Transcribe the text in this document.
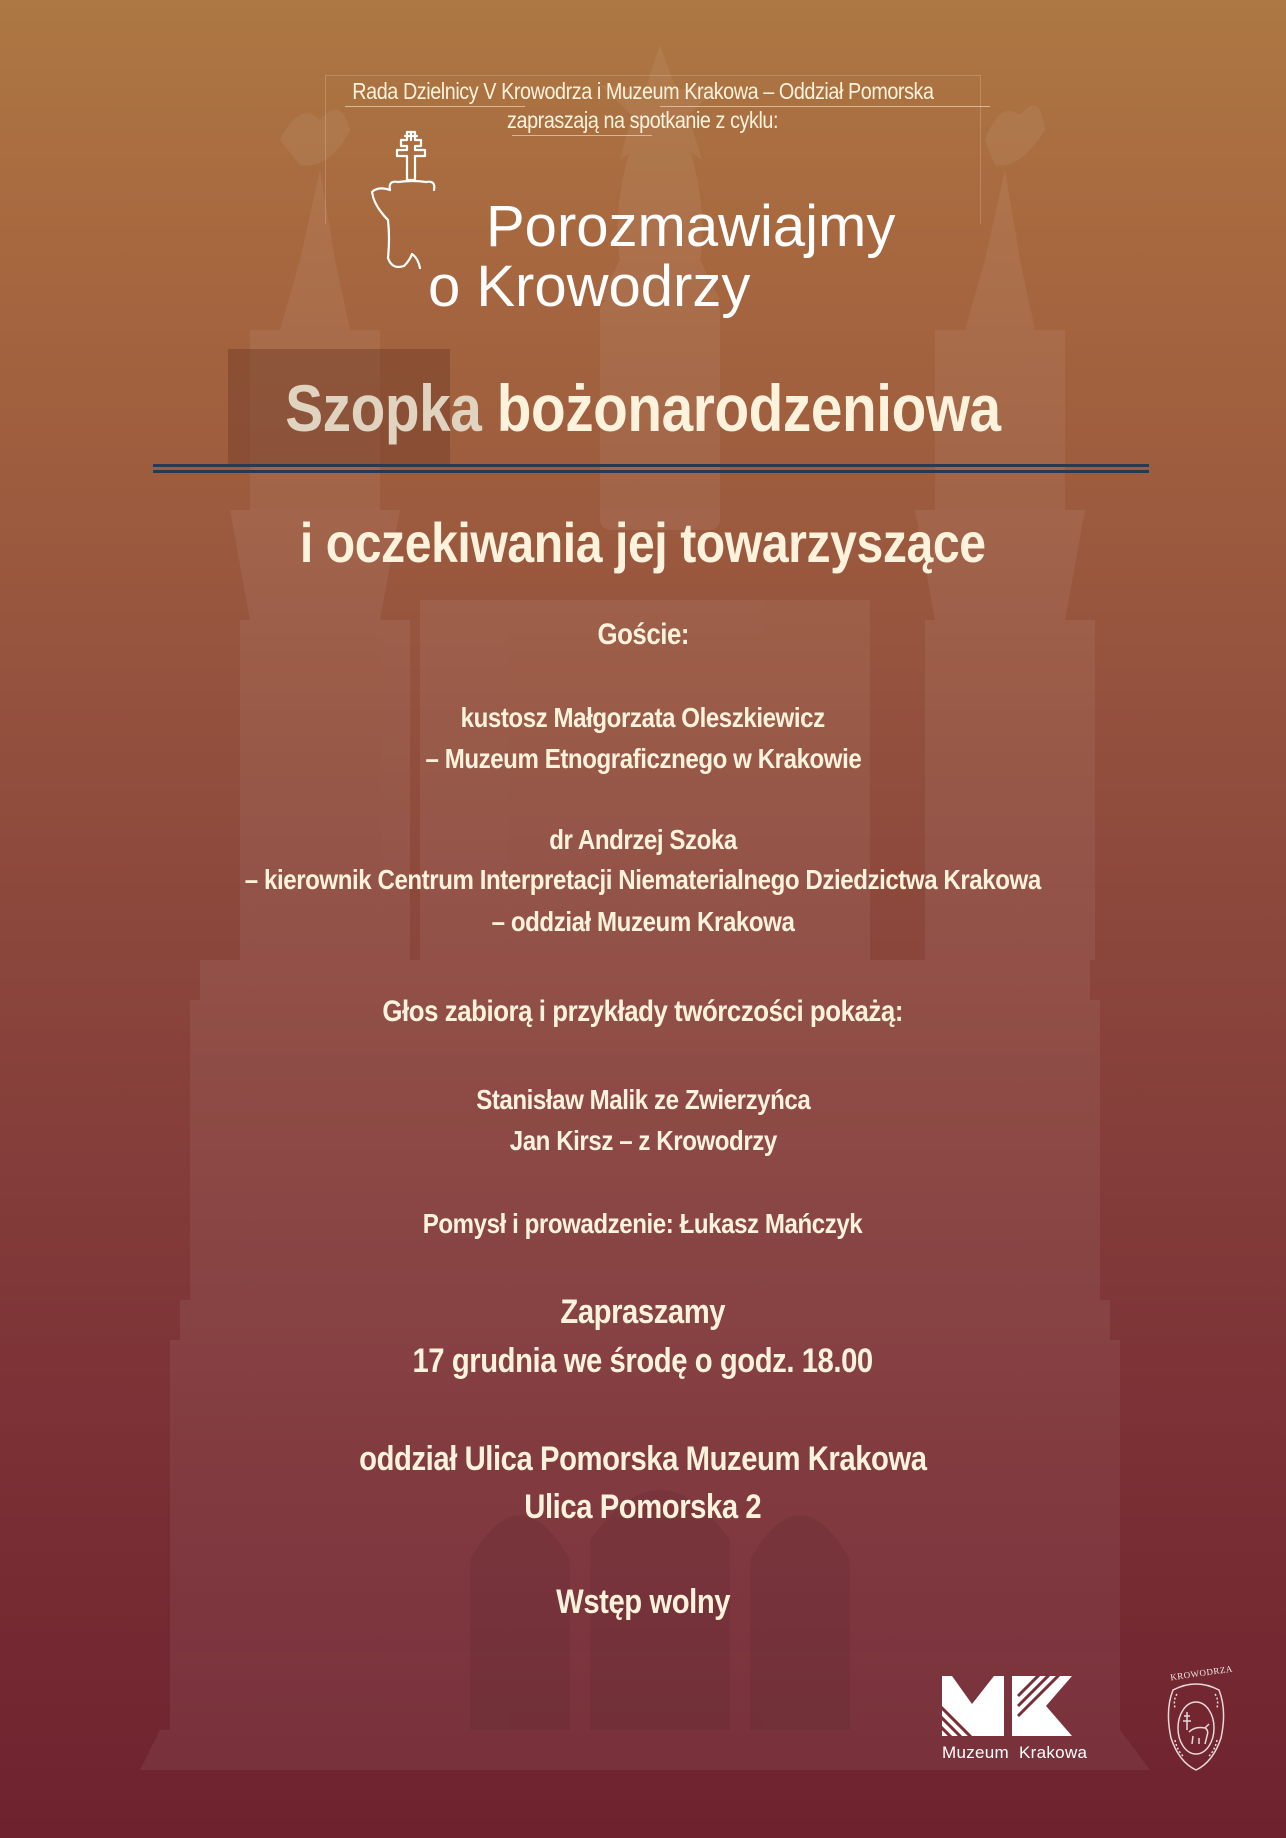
Rada Dzielnicy V Krowodrza i Muzeum Krakowa – Oddział Pomorska
zapraszają na spotkanie z cyklu:
Porozmawiajmy
o Krowodrzy
Szopka bożonarodzeniowa
i oczekiwania jej towarzyszące
Goście:
kustosz Małgorzata Oleszkiewicz
– Muzeum Etnograficznego w Krakowie
dr Andrzej Szoka
– kierownik Centrum Interpretacji Niematerialnego Dziedzictwa Krakowa
– oddział Muzeum Krakowa
Głos zabiorą i przykłady twórczości pokażą:
Stanisław Malik ze Zwierzyńca
Jan Kirsz – z Krowodrzy
Pomysł i prowadzenie: Łukasz Mańczyk
Zapraszamy
17 grudnia we środę o godz. 18.00
oddział Ulica Pomorska Muzeum Krakowa
Ulica Pomorska 2
Wstęp wolny
Muzeum  Krakowa
KROWODRZA
